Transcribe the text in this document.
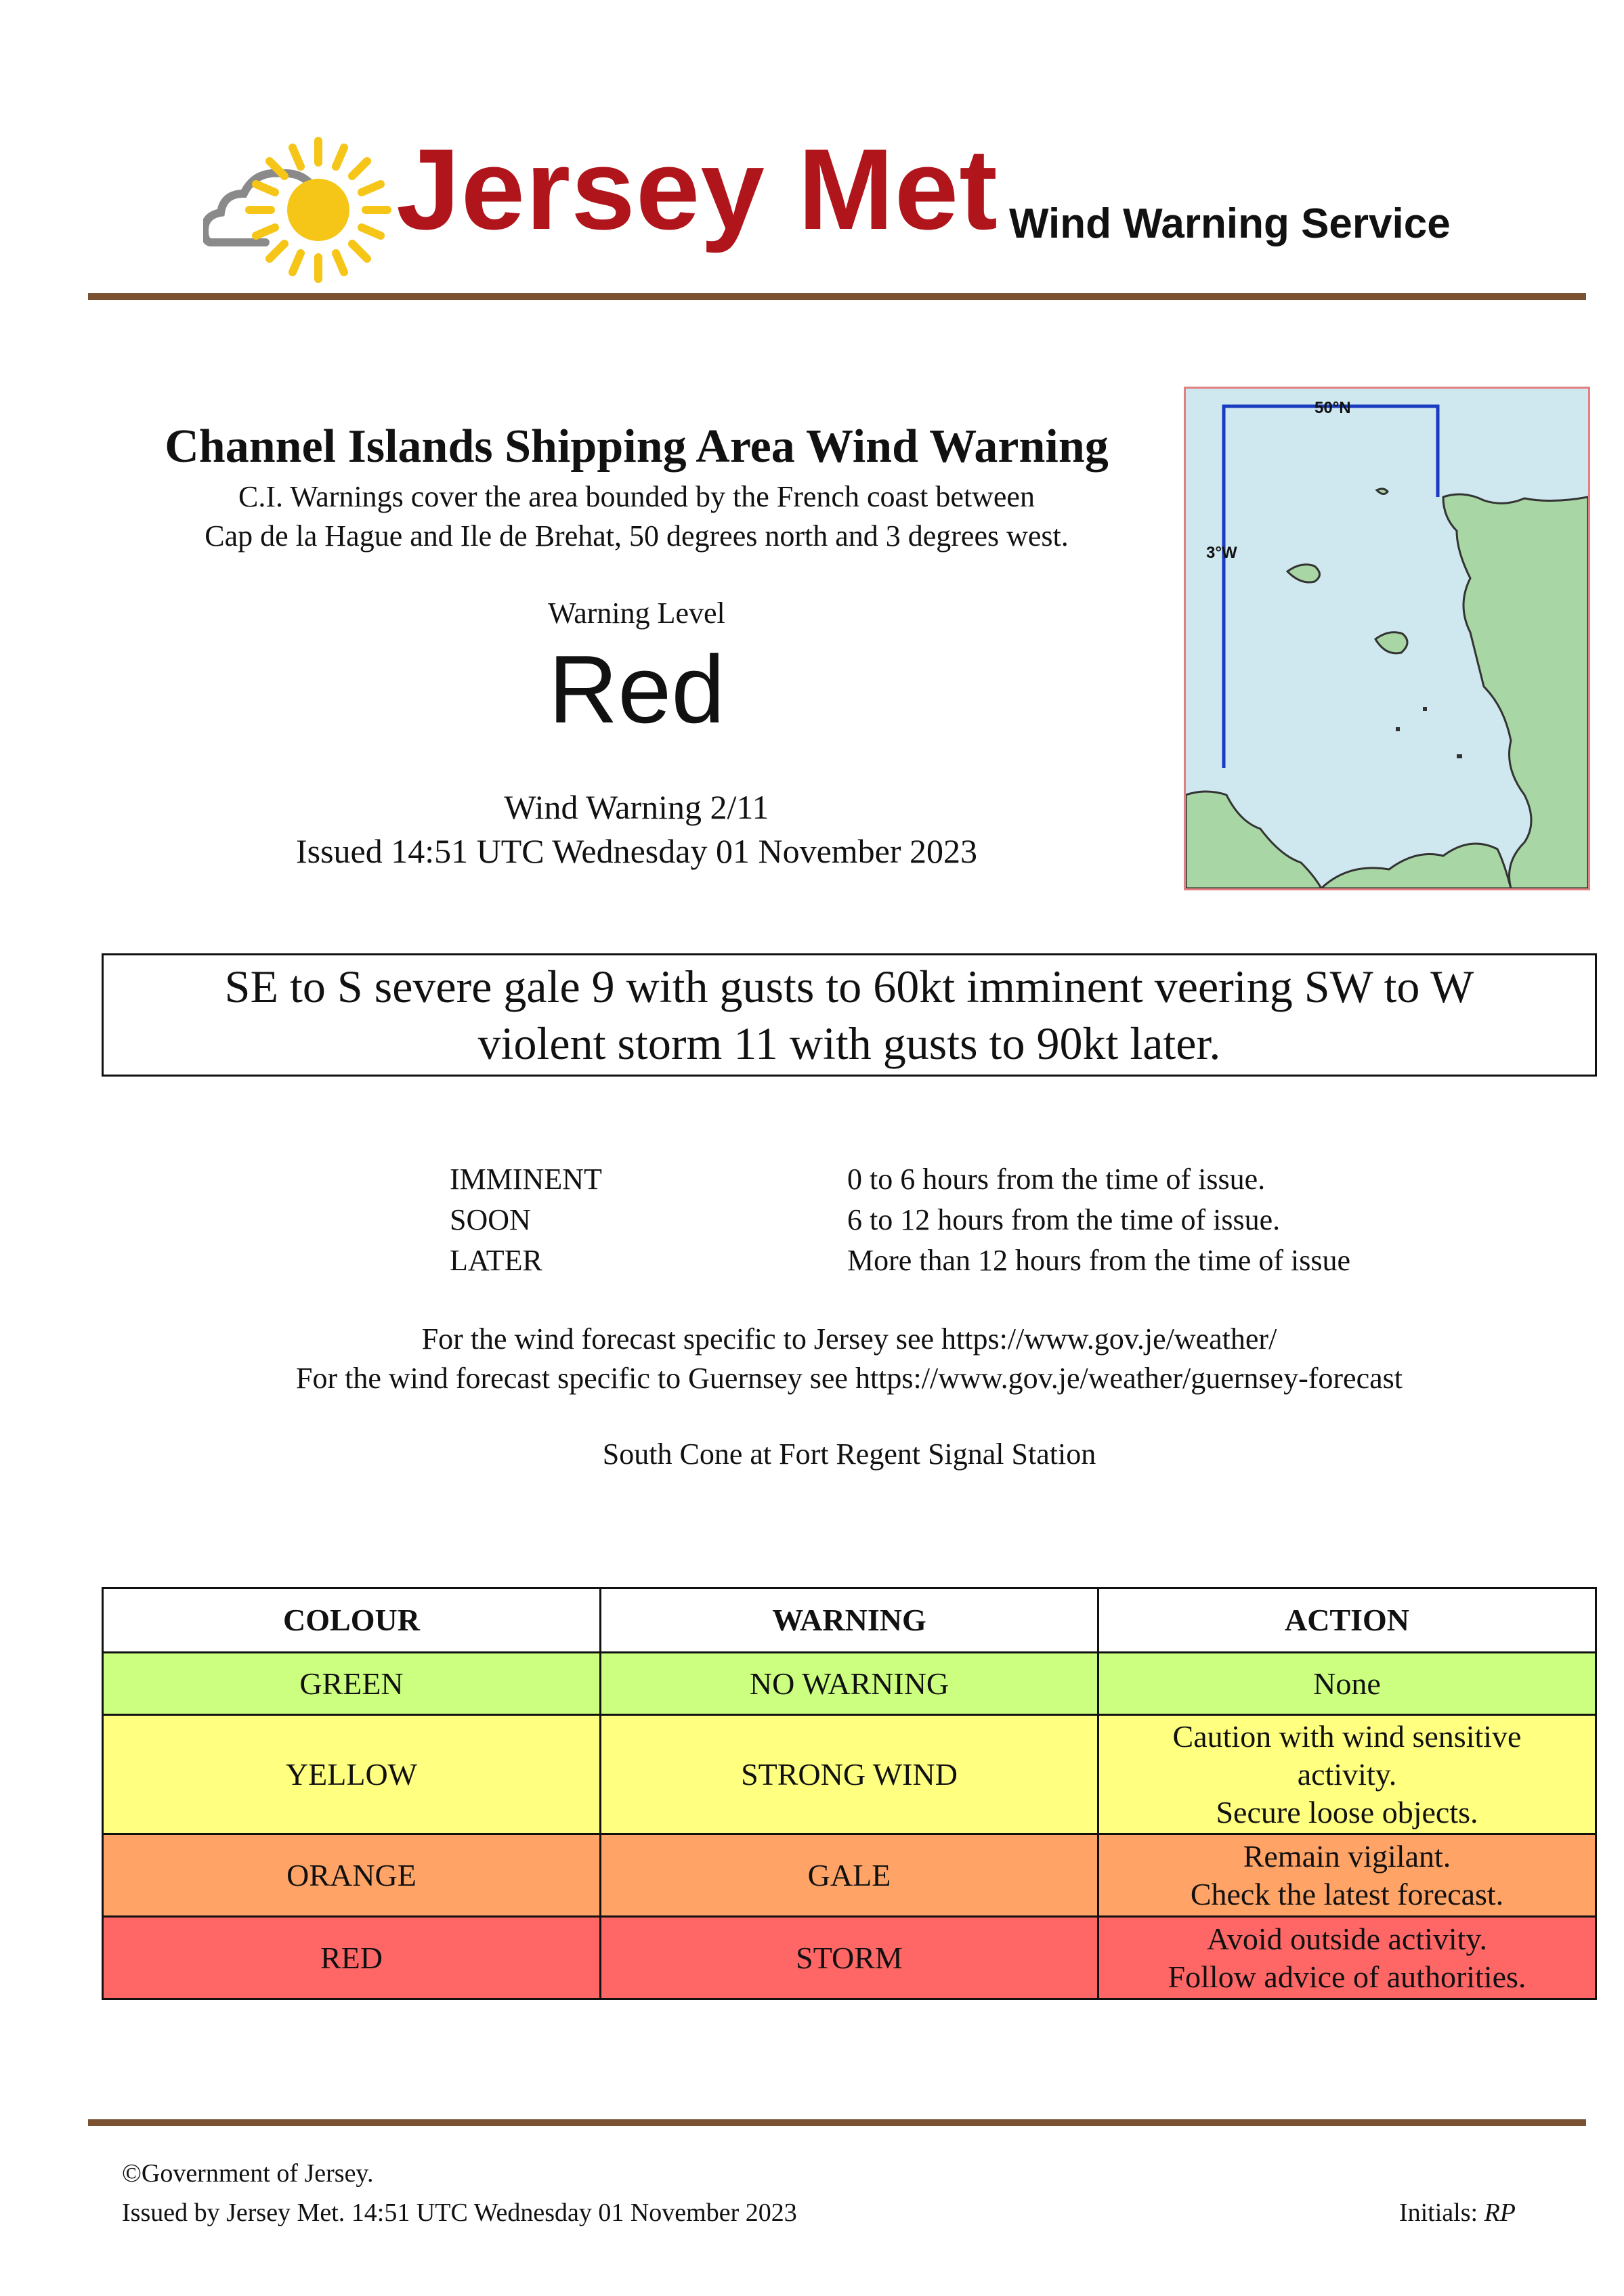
Jersey Met Wind Warning Service
Channel Islands Shipping Area Wind Warning
C.I. Warnings cover the area bounded by the French coast between
Cap de la Hague and Ile de Brehat, 50 degrees north and 3 degrees west.
Warning Level
Red
Wind Warning 2/11
Issued 14:51 UTC Wednesday 01 November 2023
50°N
3°W
SE to S severe gale 9 with gusts to 60kt imminent veering SW to W
violent storm 11 with gusts to 90kt later.
IMMINENT	0 to 6 hours from the time of issue.
SOON	6 to 12 hours from the time of issue.
LATER	More than 12 hours from the time of issue
For the wind forecast specific to Jersey see https://www.gov.je/weather/
For the wind forecast specific to Guernsey see https://www.gov.je/weather/guernsey-forecast
South Cone at Fort Regent Signal Station
COLOUR	WARNING	ACTION
GREEN	NO WARNING	None

YELLOW	STRONG WIND	Caution with wind sensitive
activity.
Secure loose objects.

ORANGE	GALE	Remain vigilant.
Check the latest forecast.

RED	STORM	Avoid outside activity.
Follow advice of authorities.
©Government of Jersey.
Issued by Jersey Met. 14:51 UTC Wednesday 01 November 2023	Initials: RP
